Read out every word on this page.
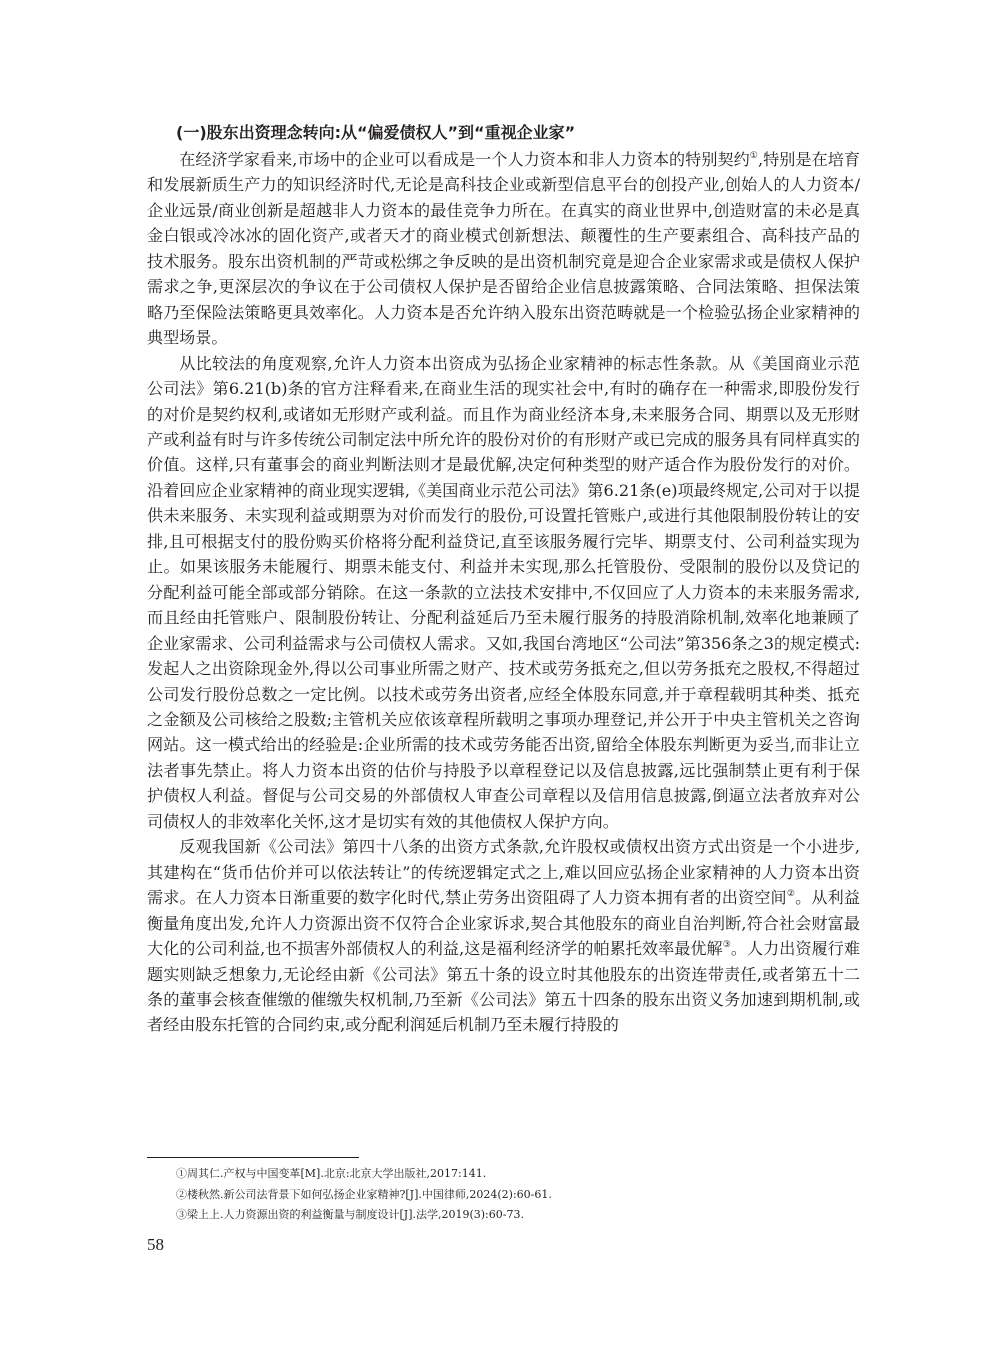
(一)股东出资理念转向:从“偏爱债权人”到“重视企业家”

在经济学家看来,市场中的企业可以看成是一个人力资本和非人力资本的特别契约①,特别是在培育和发展新质生产力的知识经济时代,无论是高科技企业或新型信息平台的创投产业,创始人的人力资本/企业远景/商业创新是超越非人力资本的最佳竞争力所在。在真实的商业世界中,创造财富的未必是真金白银或冷冰冰的固化资产,或者天才的商业模式创新想法、颠覆性的生产要素组合、高科技产品的技术服务。股东出资机制的严苛或松绑之争反映的是出资机制究竟是迎合企业家需求或是债权人保护需求之争,更深层次的争议在于公司债权人保护是否留给企业信息披露策略、合同法策略、担保法策略乃至保险法策略更具效率化。人力资本是否允许纳入股东出资范畴就是一个检验弘扬企业家精神的典型场景。

从比较法的角度观察,允许人力资本出资成为弘扬企业家精神的标志性条款。从《美国商业示范公司法》第6.21(b)条的官方注释看来,在商业生活的现实社会中,有时的确存在一种需求,即股份发行的对价是契约权利,或诸如无形财产或利益。而且作为商业经济本身,未来服务合同、期票以及无形财产或利益有时与许多传统公司制定法中所允许的股份对价的有形财产或已完成的服务具有同样真实的价值。这样,只有董事会的商业判断法则才是最优解,决定何种类型的财产适合作为股份发行的对价。沿着回应企业家精神的商业现实逻辑,《美国商业示范公司法》第6.21条(e)项最终规定,公司对于以提供未来服务、未实现利益或期票为对价而发行的股份,可设置托管账户,或进行其他限制股份转让的安排,且可根据支付的股份购买价格将分配利益贷记,直至该服务履行完毕、期票支付、公司利益实现为止。如果该服务未能履行、期票未能支付、利益并未实现,那么托管股份、受限制的股份以及贷记的分配利益可能全部或部分销除。在这一条款的立法技术安排中,不仅回应了人力资本的未来服务需求,而且经由托管账户、限制股份转让、分配利益延后乃至未履行服务的持股消除机制,效率化地兼顾了企业家需求、公司利益需求与公司债权人需求。又如,我国台湾地区“公司法”第356条之3的规定模式:发起人之出资除现金外,得以公司事业所需之财产、技术或劳务抵充之,但以劳务抵充之股权,不得超过公司发行股份总数之一定比例。以技术或劳务出资者,应经全体股东同意,并于章程载明其种类、抵充之金额及公司核给之股数;主管机关应依该章程所载明之事项办理登记,并公开于中央主管机关之咨询网站。这一模式给出的经验是:企业所需的技术或劳务能否出资,留给全体股东判断更为妥当,而非让立法者事先禁止。将人力资本出资的估价与持股予以章程登记以及信息披露,远比强制禁止更有利于保护债权人利益。督促与公司交易的外部债权人审查公司章程以及信用信息披露,倒逼立法者放弃对公司债权人的非效率化关怀,这才是切实有效的其他债权人保护方向。

反观我国新《公司法》第四十八条的出资方式条款,允许股权或债权出资方式出资是一个小进步,其建构在“货币估价并可以依法转让”的传统逻辑定式之上,难以回应弘扬企业家精神的人力资本出资需求。在人力资本日渐重要的数字化时代,禁止劳务出资阻碍了人力资本拥有者的出资空间②。从利益衡量角度出发,允许人力资源出资不仅符合企业家诉求,契合其他股东的商业自治判断,符合社会财富最大化的公司利益,也不损害外部债权人的利益,这是福利经济学的帕累托效率最优解③。人力出资履行难题实则缺乏想象力,无论经由新《公司法》第五十条的设立时其他股东的出资连带责任,或者第五十二条的董事会核查催缴的催缴失权机制,乃至新《公司法》第五十四条的股东出资义务加速到期机制,或者经由股东托管的合同约束,或分配利润延后机制乃至未履行持股的

①周其仁.产权与中国变革[M].北京:北京大学出版社,2017:141.
②楼秋然.新公司法背景下如何弘扬企业家精神?[J].中国律师,2024(2):60-61.
③梁上上.人力资源出资的利益衡量与制度设计[J].法学,2019(3):60-73.
58
